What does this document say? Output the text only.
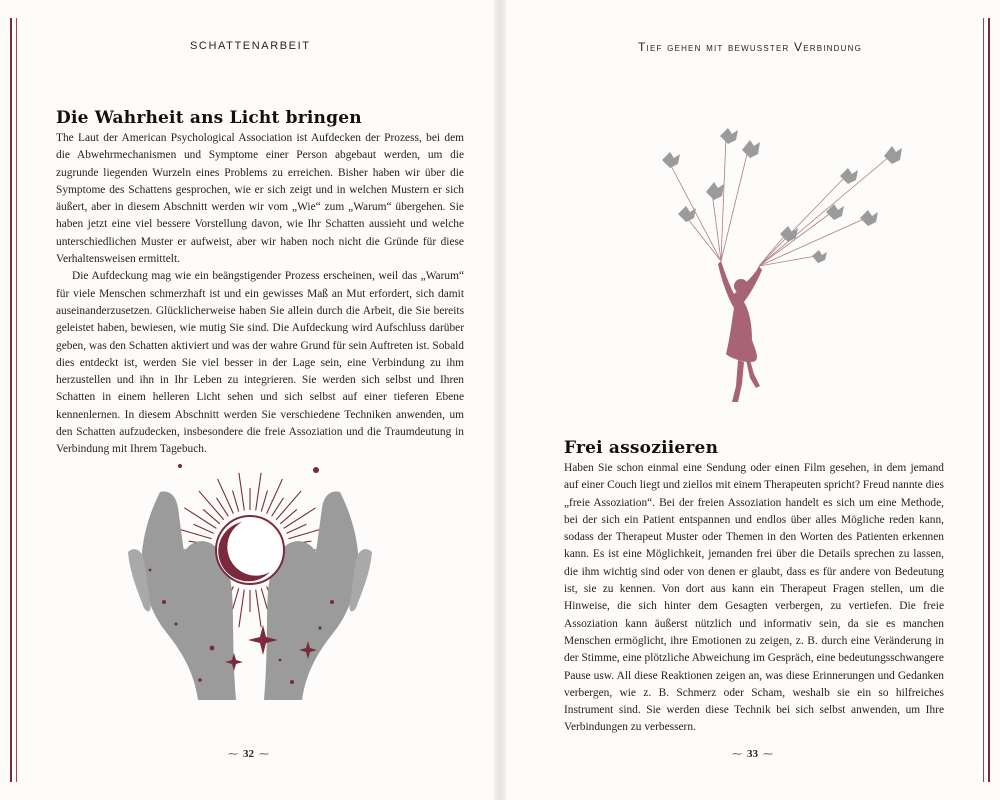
SCHATTENARBEIT
Die Wahrheit ans Licht bringen

The Laut der American Psychological Association ist Aufdecken der Prozess, bei dem die Abwehrmechanismen und Symptome einer Person abgebaut werden, um die zugrunde liegenden Wurzeln eines Problems zu erreichen. Bisher haben wir über die Symptome des Schattens gesprochen, wie er sich zeigt und in welchen Mustern er sich äußert, aber in diesem Abschnitt werden wir vom „Wie“ zum „Warum“ übergehen. Sie haben jetzt eine viel bessere Vorstellung davon, wie Ihr Schatten aussieht und welche unterschiedlichen Muster er aufweist, aber wir haben noch nicht die Gründe für diese Verhaltensweisen ermittelt.

Die Aufdeckung mag wie ein beängstigender Prozess erscheinen, weil das „Warum“ für viele Menschen schmerzhaft ist und ein gewisses Maß an Mut erfordert, sich damit auseinanderzusetzen. Glücklicherweise haben Sie allein durch die Arbeit, die Sie bereits geleistet haben, bewiesen, wie mutig Sie sind. Die Aufdeckung wird Aufschluss darüber geben, was den Schatten aktiviert und was der wahre Grund für sein Auftreten ist. Sobald dies entdeckt ist, werden Sie viel besser in der Lage sein, eine Verbindung zu ihm herzustellen und ihn in Ihr Leben zu integrieren. Sie werden sich selbst und Ihren Schatten in einem helleren Licht sehen und sich selbst auf einer tieferen Ebene kennenlernen. In diesem Abschnitt werden Sie verschiedene Techniken anwenden, um den Schatten aufzudecken, insbesondere die freie Assoziation und die Traumdeutung in Verbindung mit Ihrem Tagebuch.

⁓ 32 ⁓
Tief gehen mit bewusster Verbindung
Frei assoziieren

Haben Sie schon einmal eine Sendung oder einen Film gesehen, in dem jemand auf einer Couch liegt und ziellos mit einem Therapeuten spricht? Freud nannte dies „freie Assoziation“. Bei der freien Assoziation handelt es sich um eine Methode, bei der sich ein Patient entspannen und endlos über alles Mögliche reden kann, sodass der Therapeut Muster oder Themen in den Worten des Patienten erkennen kann. Es ist eine Möglichkeit, jemanden frei über die Details sprechen zu lassen, die ihm wichtig sind oder von denen er glaubt, dass es für andere von Bedeutung ist, sie zu kennen. Von dort aus kann ein Therapeut Fragen stellen, um die Hinweise, die sich hinter dem Gesagten verbergen, zu vertiefen. Die freie Assoziation kann äußerst nützlich und informativ sein, da sie es manchen Menschen ermöglicht, ihre Emotionen zu zeigen, z. B. durch eine Veränderung in der Stimme, eine plötzliche Abweichung im Gespräch, eine bedeutungsschwangere Pause usw. All diese Reaktionen zeigen an, was diese Erinnerungen und Gedanken verbergen, wie z. B. Schmerz oder Scham, weshalb sie ein so hilfreiches Instrument sind. Sie werden diese Technik bei sich selbst anwenden, um Ihre Verbindungen zu verbessern.

⁓ 33 ⁓
